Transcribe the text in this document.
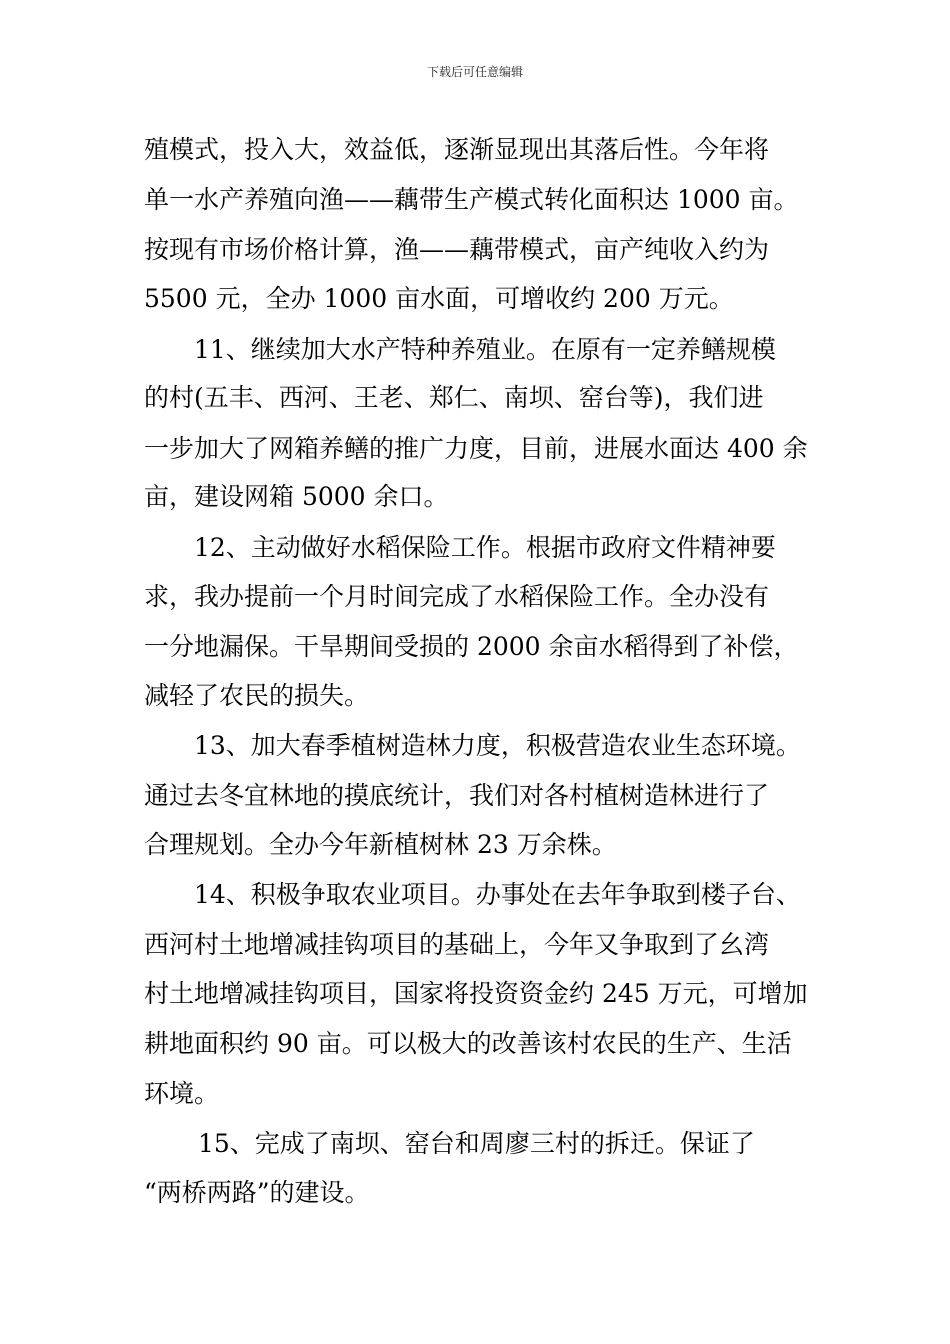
下载后可任意编辑
殖模式，投入大，效益低，逐渐显现出其落后性。今年将
单一水产养殖向渔——藕带生产模式转化面积达 1000 亩。
按现有市场价格计算，渔——藕带模式，亩产纯收入约为
5500 元，全办 1000 亩水面，可增收约 200 万元。
11、继续加大水产特种养殖业。在原有一定养鳝规模
的村(五丰、西河、王老、郑仁、南坝、窑台等)，我们进
一步加大了网箱养鳝的推广力度，目前，进展水面达 400 余
亩，建设网箱 5000 余口。
12、主动做好水稻保险工作。根据市政府文件精神要
求，我办提前一个月时间完成了水稻保险工作。全办没有
一分地漏保。干旱期间受损的 2000 余亩水稻得到了补偿，
减轻了农民的损失。
13、加大春季植树造林力度，积极营造农业生态环境。
通过去冬宜林地的摸底统计，我们对各村植树造林进行了
合理规划。全办今年新植树林 23 万余株。
14、积极争取农业项目。办事处在去年争取到楼子台、
西河村土地增减挂钩项目的基础上，今年又争取到了幺湾
村土地增减挂钩项目，国家将投资资金约 245 万元，可增加
耕地面积约 90 亩。可以极大的改善该村农民的生产、生活
环境。
15、完成了南坝、窑台和周廖三村的拆迁。保证了
“两桥两路”的建设。
